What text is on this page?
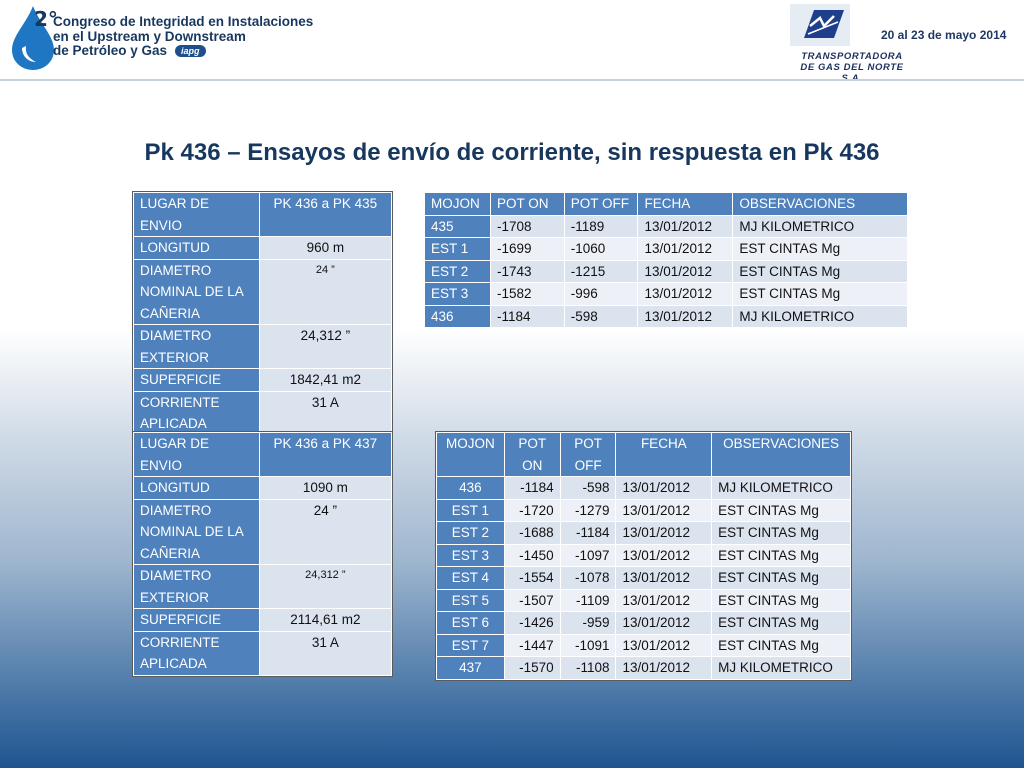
2°
Congreso de Integridad en Instalaciones
en el Upstream y Downstream
de Petróleo y Gas	iapg	TRANSPORTADORA
DE GAS DEL NORTE
20 al 23 de mayo 2014
Pk 436 – Ensayos de envío de corriente, sin respuesta en Pk 436
LUGAR DE ENVIO	PK 436 a PK 435
LONGITUD	960 m
DIAMETRO NOMINAL DE LA CAÑERIA	24 ”
DIAMETRO EXTERIOR	24,312 ”
SUPERFICIE	1842,41 m2
CORRIENTE APLICADA	31 A
MOJON	POT ON	POT OFF	FECHA	OBSERVACIONES
435	-1708	-1189	13/01/2012	MJ KILOMETRICO
EST 1	-1699	-1060	13/01/2012	EST CINTAS Mg
EST 2	-1743	-1215	13/01/2012	EST CINTAS Mg
EST 3	-1582	-996	13/01/2012	EST CINTAS Mg
436	-1184	-598	13/01/2012	MJ KILOMETRICO
LUGAR DE ENVIO	PK 436 a PK 437
LONGITUD	1090 m
DIAMETRO NOMINAL DE LA CAÑERIA	24 ”
DIAMETRO EXTERIOR	24,312 ”
SUPERFICIE	2114,61 m2
CORRIENTE APLICADA	31 A
MOJON	POT ON	POT OFF	FECHA	OBSERVACIONES
436	-1184	-598	13/01/2012	MJ KILOMETRICO
EST 1	-1720	-1279	13/01/2012	EST CINTAS Mg
EST 2	-1688	-1184	13/01/2012	EST CINTAS Mg
EST 3	-1450	-1097	13/01/2012	EST CINTAS Mg
EST 4	-1554	-1078	13/01/2012	EST CINTAS Mg
EST 5	-1507	-1109	13/01/2012	EST CINTAS Mg
EST 6	-1426	-959	13/01/2012	EST CINTAS Mg
EST 7	-1447	-1091	13/01/2012	EST CINTAS Mg
437	-1570	-1108	13/01/2012	MJ KILOMETRICO
